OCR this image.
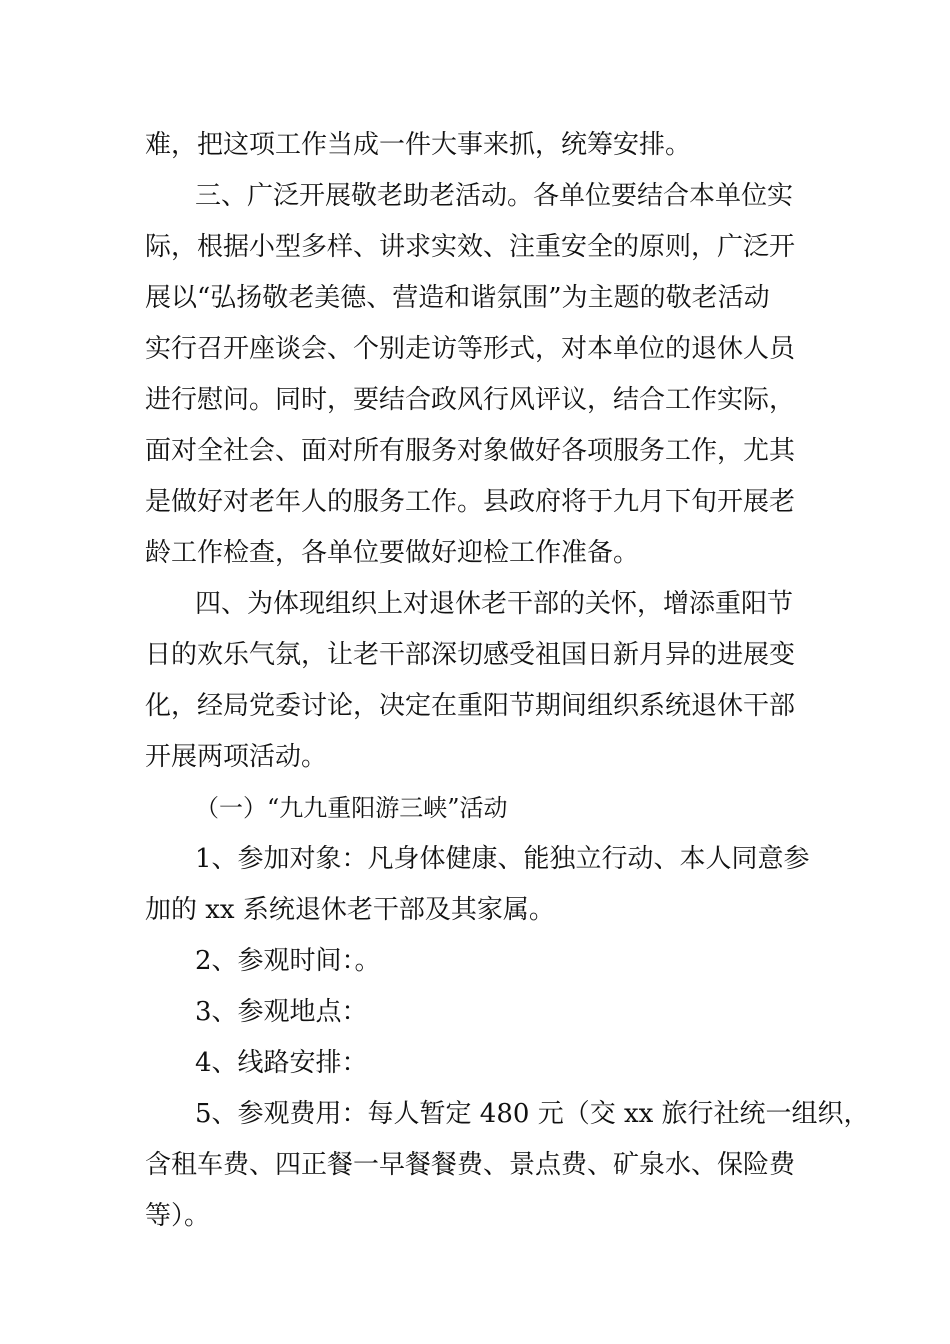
难，把这项工作当成一件大事来抓，统筹安排。
三、广泛开展敬老助老活动。各单位要结合本单位实
际，根据小型多样、讲求实效、注重安全的原则，广泛开
展以“弘扬敬老美德、营造和谐氛围”为主题的敬老活动
实行召开座谈会、个别走访等形式，对本单位的退休人员
进行慰问。同时，要结合政风行风评议，结合工作实际，
面对全社会、面对所有服务对象做好各项服务工作，尤其
是做好对老年人的服务工作。县政府将于九月下旬开展老
龄工作检查，各单位要做好迎检工作准备。
四、为体现组织上对退休老干部的关怀，增添重阳节
日的欢乐气氛，让老干部深切感受祖国日新月异的进展变
化，经局党委讨论，决定在重阳节期间组织系统退休干部
开展两项活动。
（一）“九九重阳游三峡”活动
1、参加对象：凡身体健康、能独立行动、本人同意参
加的 xx 系统退休老干部及其家属。
2、参观时间：。
3、参观地点：
4、线路安排：
5、参观费用：每人暂定 480 元（交 xx 旅行社统一组织，
含租车费、四正餐一早餐餐费、景点费、矿泉水、保险费
等）。
